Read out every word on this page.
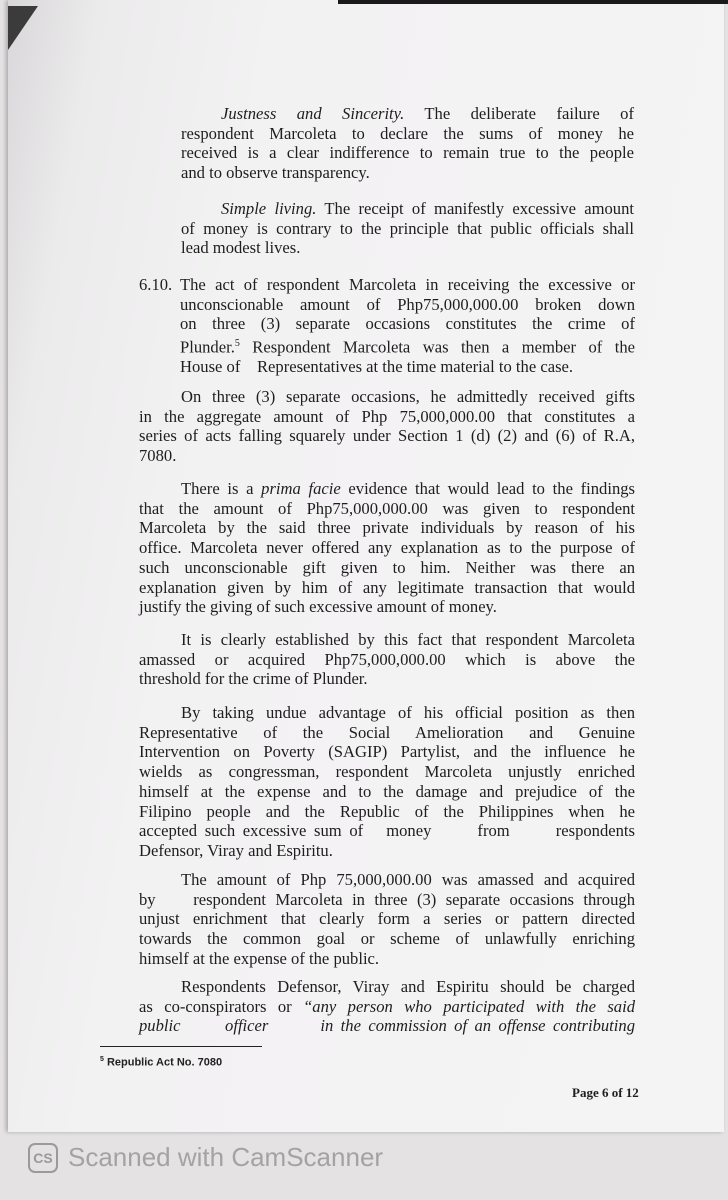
Justness and Sincerity. The deliberate failure of
respondent Marcoleta to declare the sums of money he
received is a clear indifference to remain true to the people
and to observe transparency.
Simple living. The receipt of manifestly excessive amount
of money is contrary to the principle that public officials shall
lead modest lives.
6.10. The act of respondent Marcoleta in receiving the excessive or
unconscionable amount of Php75,000,000.00 broken down
on three (3) separate occasions constitutes the crime of
Plunder.$^5$ Respondent Marcoleta was then a member of the
House of    Representatives at the time material to the case.
On three (3) separate occasions, he admittedly received gifts
in the aggregate amount of Php 75,000,000.00 that constitutes a
series of acts falling squarely under Section 1 (d) (2) and (6) of R.A,
7080.
There is a prima facie evidence that would lead to the findings
that the amount of Php75,000,000.00 was given to respondent
Marcoleta by the said three private individuals by reason of his
office. Marcoleta never offered any explanation as to the purpose of
such unconscionable gift given to him. Neither was there an
explanation given by him of any legitimate transaction that would
justify the giving of such excessive amount of money.
It is clearly established by this fact that respondent Marcoleta
amassed or acquired Php75,000,000.00 which is above the
threshold for the crime of Plunder.
By taking undue advantage of his official position as then
Representative of the Social Amelioration and Genuine
Intervention on Poverty (SAGIP) Partylist, and the influence he
wields as congressman, respondent Marcoleta unjustly enriched
himself at the expense and to the damage and prejudice of the
Filipino people and the Republic of the Philippines when he
accepted such excessive sum of   money      from      respondents
Defensor, Viray and Espiritu.
The amount of Php 75,000,000.00 was amassed and acquired
by    respondent Marcoleta in three (3) separate occasions through
unjust enrichment that clearly form a series or pattern directed
towards the common goal or scheme of unlawfully enriching
himself at the expense of the public.
Respondents Defensor, Viray and Espiritu should be charged
as co-conspirators or “any person who participated with the said
public      officer       in the commission of an offense contributing
$^5$ Republic Act No. 7080
Page 6 of 12
CS Scanned with CamScanner
